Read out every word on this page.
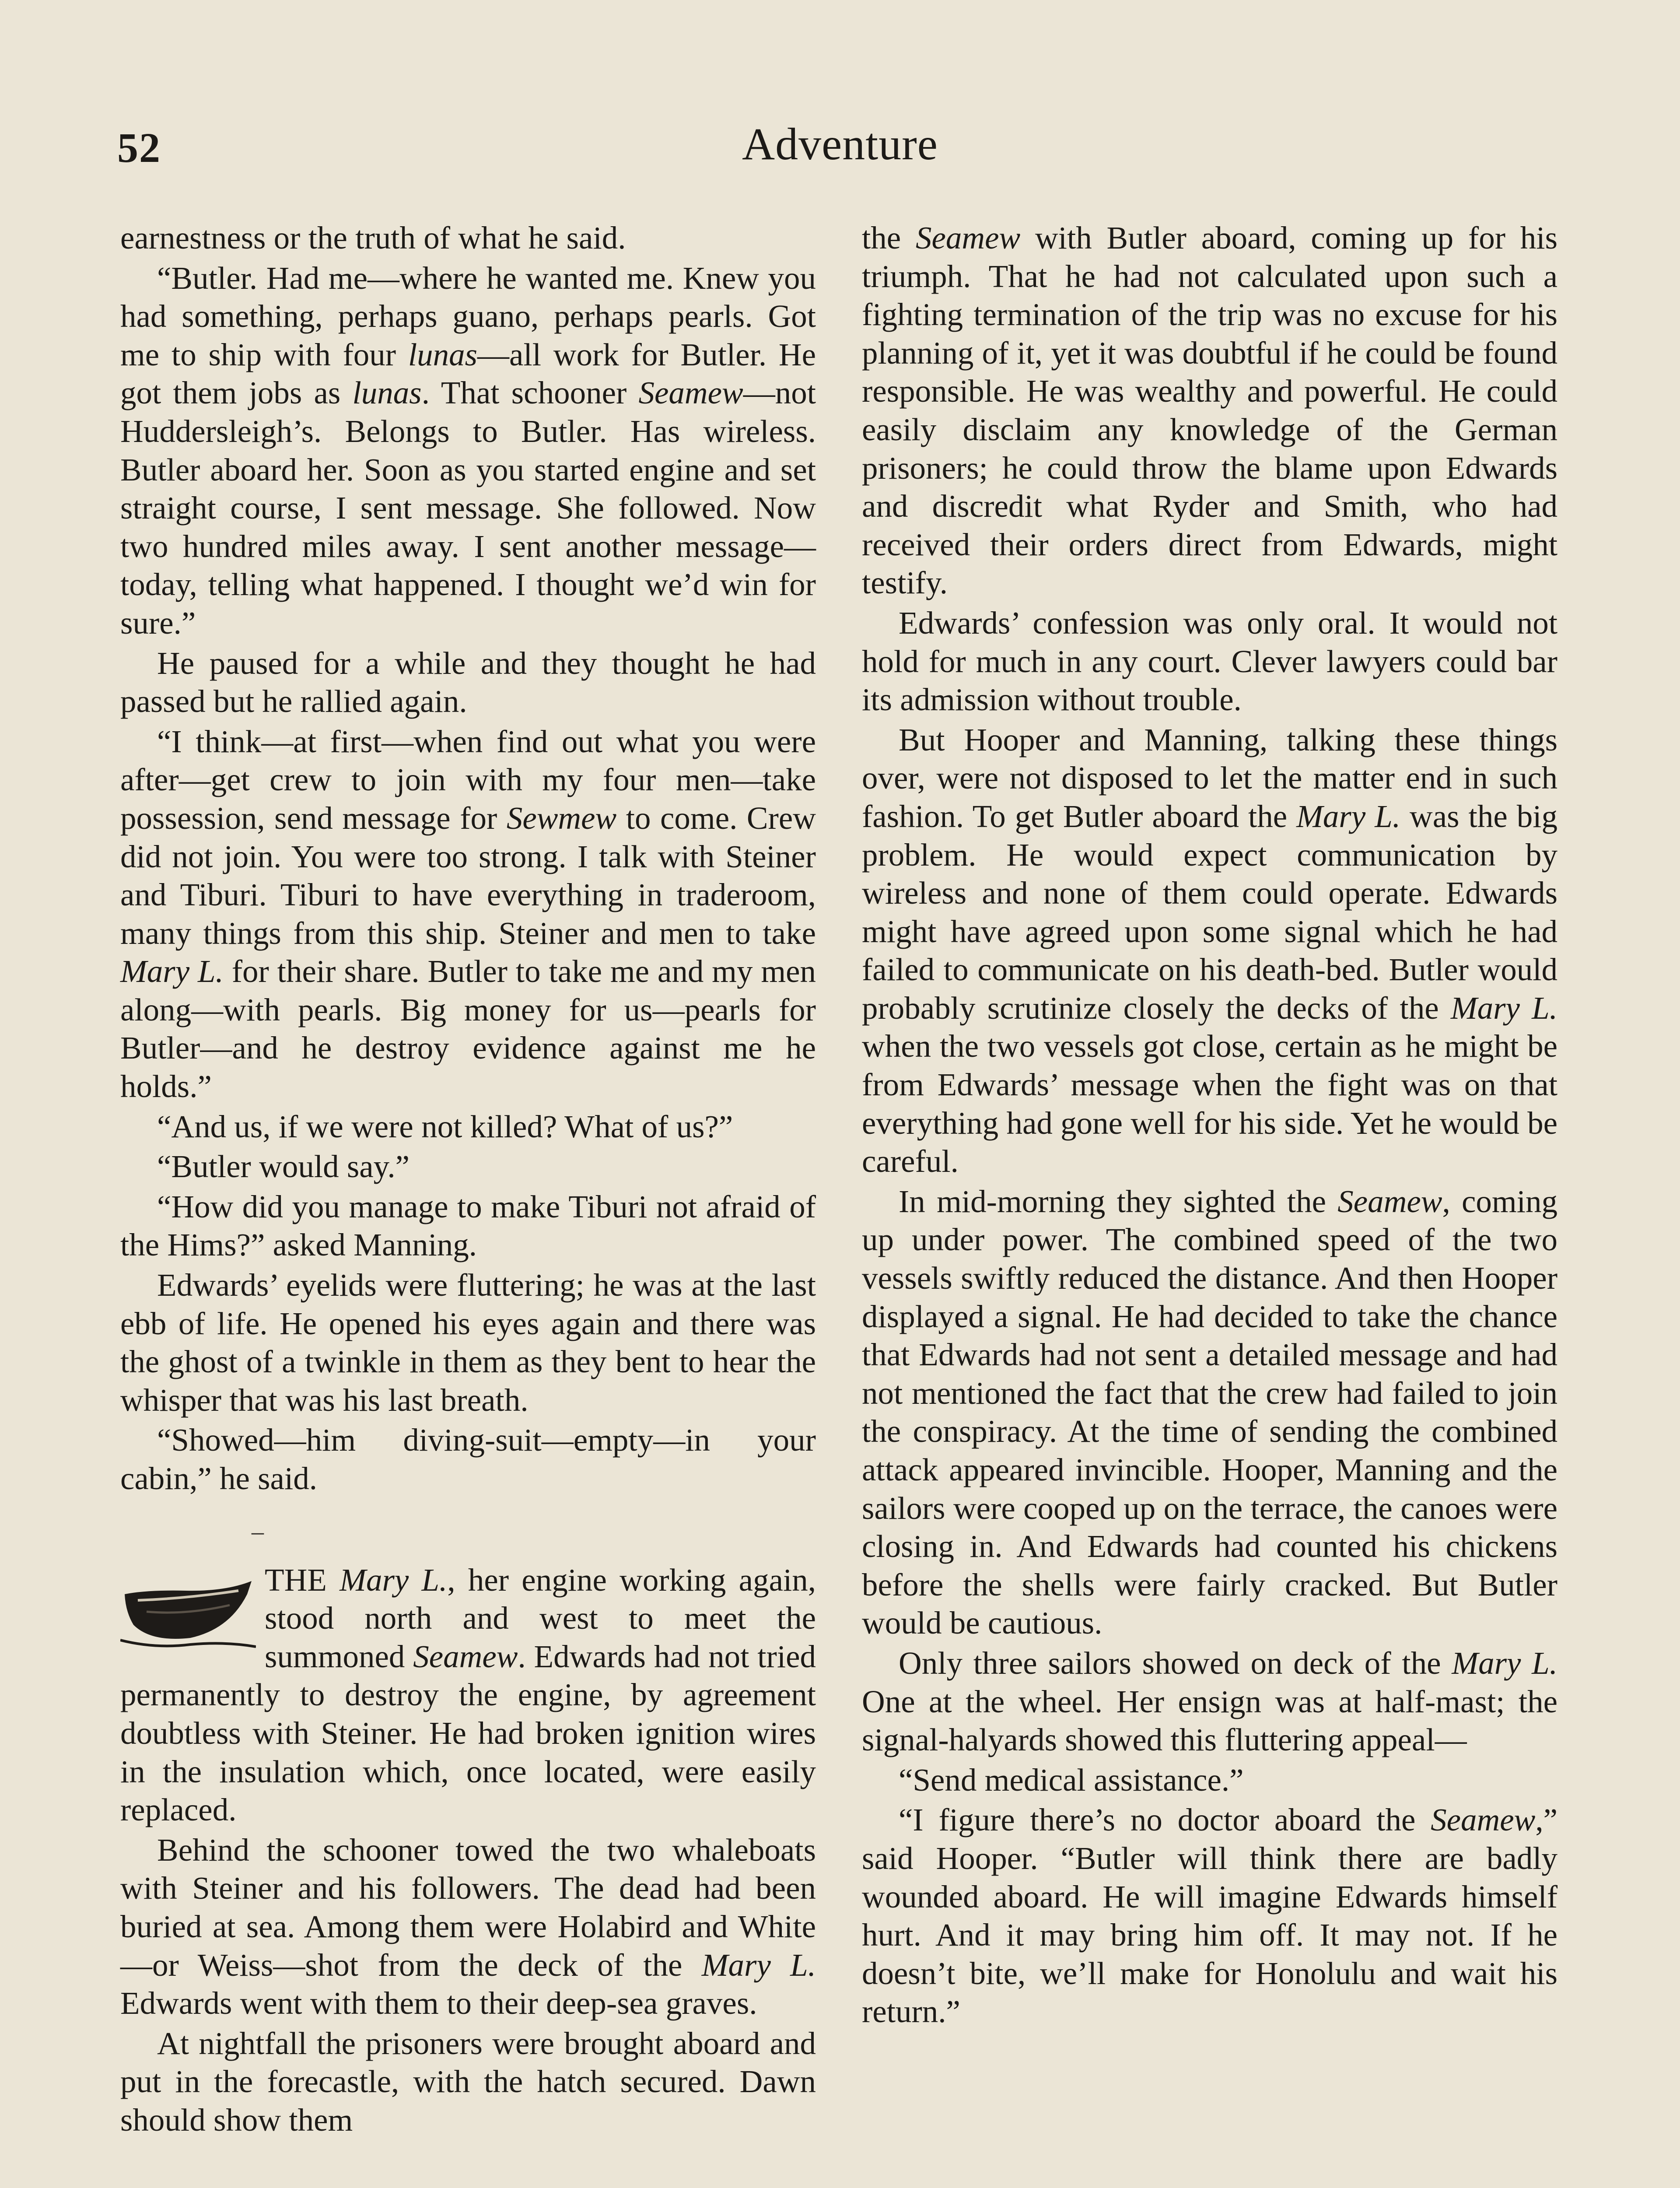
52	Adventure

earnestness or the truth of what he said.

“Butler. Had me—where he wanted me. Knew you had something, perhaps guano, perhaps pearls. Got me to ship with four lunas—all work for Butler. He got them jobs as lunas. That schooner Seamew—not Huddersleigh’s. Belongs to Butler. Has wireless. Butler aboard her. Soon as you started engine and set straight course, I sent message. She followed. Now two hundred miles away. I sent another message—today, telling what happened. I thought we’d win for sure.”

He paused for a while and they thought he had passed but he rallied again.

“I think—at first—when find out what you were after—get crew to join with my four men—take possession, send message for Sewmew to come. Crew did not join. You were too strong. I talk with Steiner and Tiburi. Tiburi to have everything in traderoom, many things from this ship. Steiner and men to take Mary L. for their share. Butler to take me and my men along—with pearls. Big money for us—pearls for Butler—and he destroy evidence against me he holds.”

“And us, if we were not killed? What of us?”

“Butler would say.”

“How did you manage to make Tiburi not afraid of the Hims?” asked Manning.

Edwards’ eyelids were fluttering; he was at the last ebb of life. He opened his eyes again and there was the ghost of a twinkle in them as they bent to hear the whisper that was his last breath.

“Showed—him diving-suit—empty—in your cabin,” he said.

‒

THE Mary L., her engine working again, stood north and west to meet the summoned Seamew. Edwards had not tried permanently to destroy the engine, by agreement doubtless with Steiner. He had broken ignition wires in the insulation which, once located, were easily replaced.

Behind the schooner towed the two whaleboats with Steiner and his followers. The dead had been buried at sea. Among them were Holabird and White—or Weiss—shot from the deck of the Mary L. Edwards went with them to their deep-sea graves.

At nightfall the prisoners were brought aboard and put in the forecastle, with the hatch secured. Dawn should show them

the Seamew with Butler aboard, coming up for his triumph. That he had not calculated upon such a fighting termination of the trip was no excuse for his planning of it, yet it was doubtful if he could be found responsible. He was wealthy and powerful. He could easily disclaim any knowledge of the German prisoners; he could throw the blame upon Edwards and discredit what Ryder and Smith, who had received their orders direct from Edwards, might testify.

Edwards’ confession was only oral. It would not hold for much in any court. Clever lawyers could bar its admission without trouble.

But Hooper and Manning, talking these things over, were not disposed to let the matter end in such fashion. To get Butler aboard the Mary L. was the big problem. He would expect communication by wireless and none of them could operate. Edwards might have agreed upon some signal which he had failed to communicate on his death-bed. Butler would probably scrutinize closely the decks of the Mary L. when the two vessels got close, certain as he might be from Edwards’ message when the fight was on that everything had gone well for his side. Yet he would be careful.

In mid-morning they sighted the Seamew, coming up under power. The combined speed of the two vessels swiftly reduced the distance. And then Hooper displayed a signal. He had decided to take the chance that Edwards had not sent a detailed message and had not mentioned the fact that the crew had failed to join the conspiracy. At the time of sending the combined attack appeared invincible. Hooper, Manning and the sailors were cooped up on the terrace, the canoes were closing in. And Edwards had counted his chickens before the shells were fairly cracked. But Butler would be cautious.

Only three sailors showed on deck of the Mary L. One at the wheel. Her ensign was at half-mast; the signal-halyards showed this fluttering appeal—

“Send medical assistance.”

“I figure there’s no doctor aboard the Seamew,” said Hooper. “Butler will think there are badly wounded aboard. He will imagine Edwards himself hurt. And it may bring him off. It may not. If he doesn’t bite, we’ll make for Honolulu and wait his return.”
